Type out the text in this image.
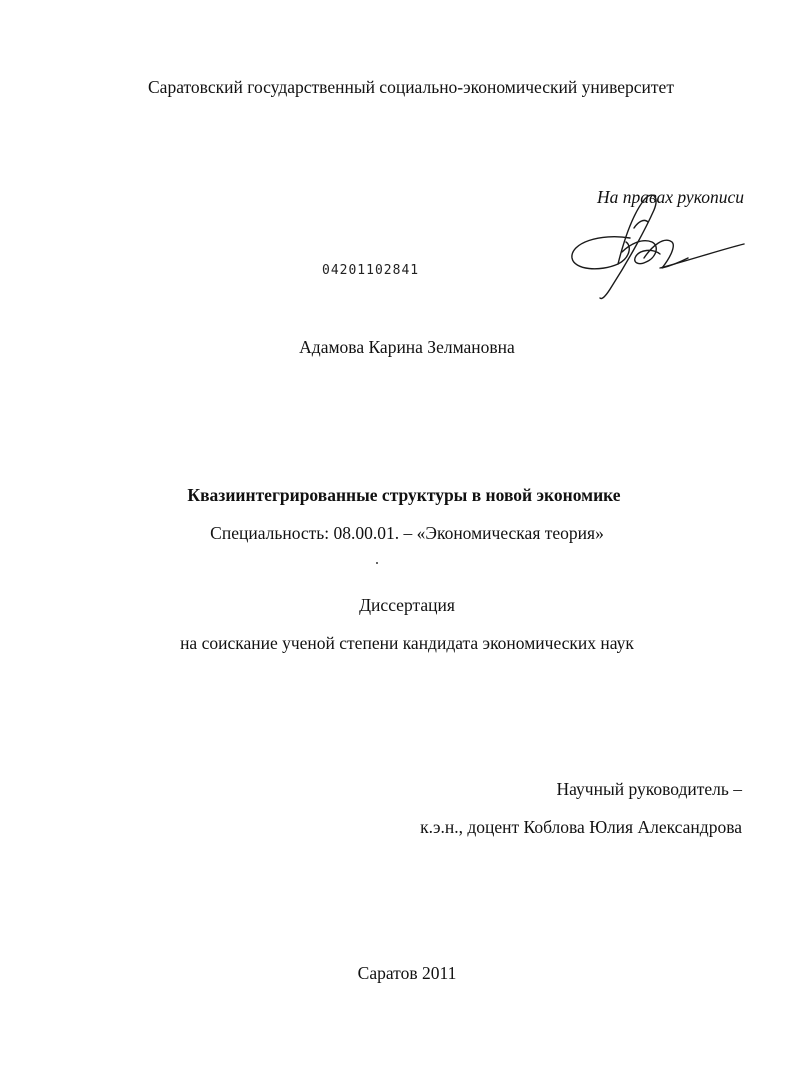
Саратовский государственный социально-экономический университет
На правах рукописи
04201102841
Адамова Карина Зелмановна
Квазиинтегрированные структуры в новой экономике
Специальность: 08.00.01. – «Экономическая теория»
Диссертация
на соискание ученой степени кандидата экономических наук
Научный руководитель –
к.э.н., доцент Коблова Юлия Александрова
Саратов 2011
